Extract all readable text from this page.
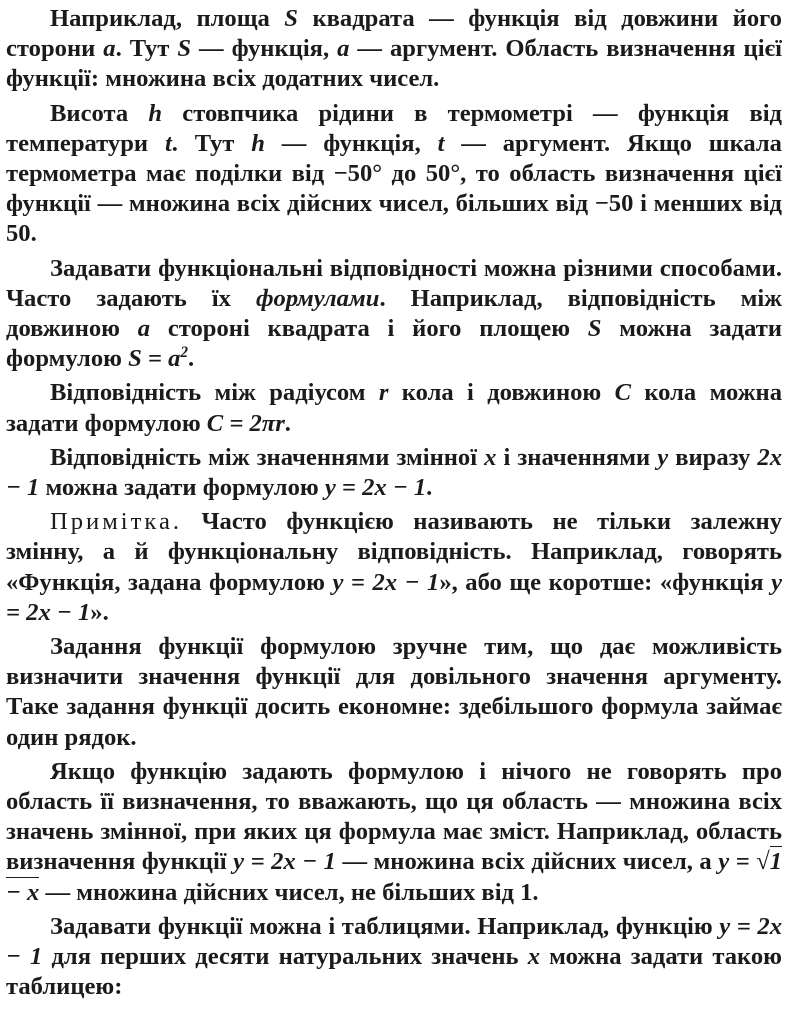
Наприклад, площа S квадрата — функція від довжини його сторони a. Тут S — функція, a — аргумент. Область визначення цієї функції: множина всіх додатних чисел.

Висота h стовпчика рідини в термометрі — функція від температури t. Тут h — функція, t — аргумент. Якщо шкала термометра має поділки від −50° до 50°, то область визначення цієї функції — множина всіх дійсних чисел, більших від −50 і менших від 50.

Задавати функціональні відповідності можна різними способами. Часто задають їх формулами. Наприклад, відповідність між довжиною a стороні квадрата і його площею S можна задати формулою $S = a^2$.

Відповідність між радіусом r кола і довжиною C кола можна задати формулою C = 2πr.

Відповідність між значеннями змінної x і значеннями y виразу 2x − 1 можна задати формулою y = 2x − 1.

Примітка. Часто функцією називають не тільки залежну змінну, а й функціональну відповідність. Наприклад, говорять «Функція, задана формулою y = 2x − 1», або ще коротше: «функція y = 2x − 1».

Задання функції формулою зручне тим, що дає можливість визначити значення функції для довільного значення аргументу. Таке задання функції досить економне: здебільшого формула займає один рядок.

Якщо функцію задають формулою і нічого не говорять про область її визначення, то вважають, що ця область — множина всіх значень змінної, при яких ця формула має зміст. Наприклад, область визначення функції y = 2x − 1 — множина всіх дійсних чисел, а y = √1 − x — множина дійсних чисел, не більших від 1.

Задавати функції можна і таблицями. Наприклад, функцію y = 2x − 1 для перших десяти натуральних значень x можна задати такою таблицею:
